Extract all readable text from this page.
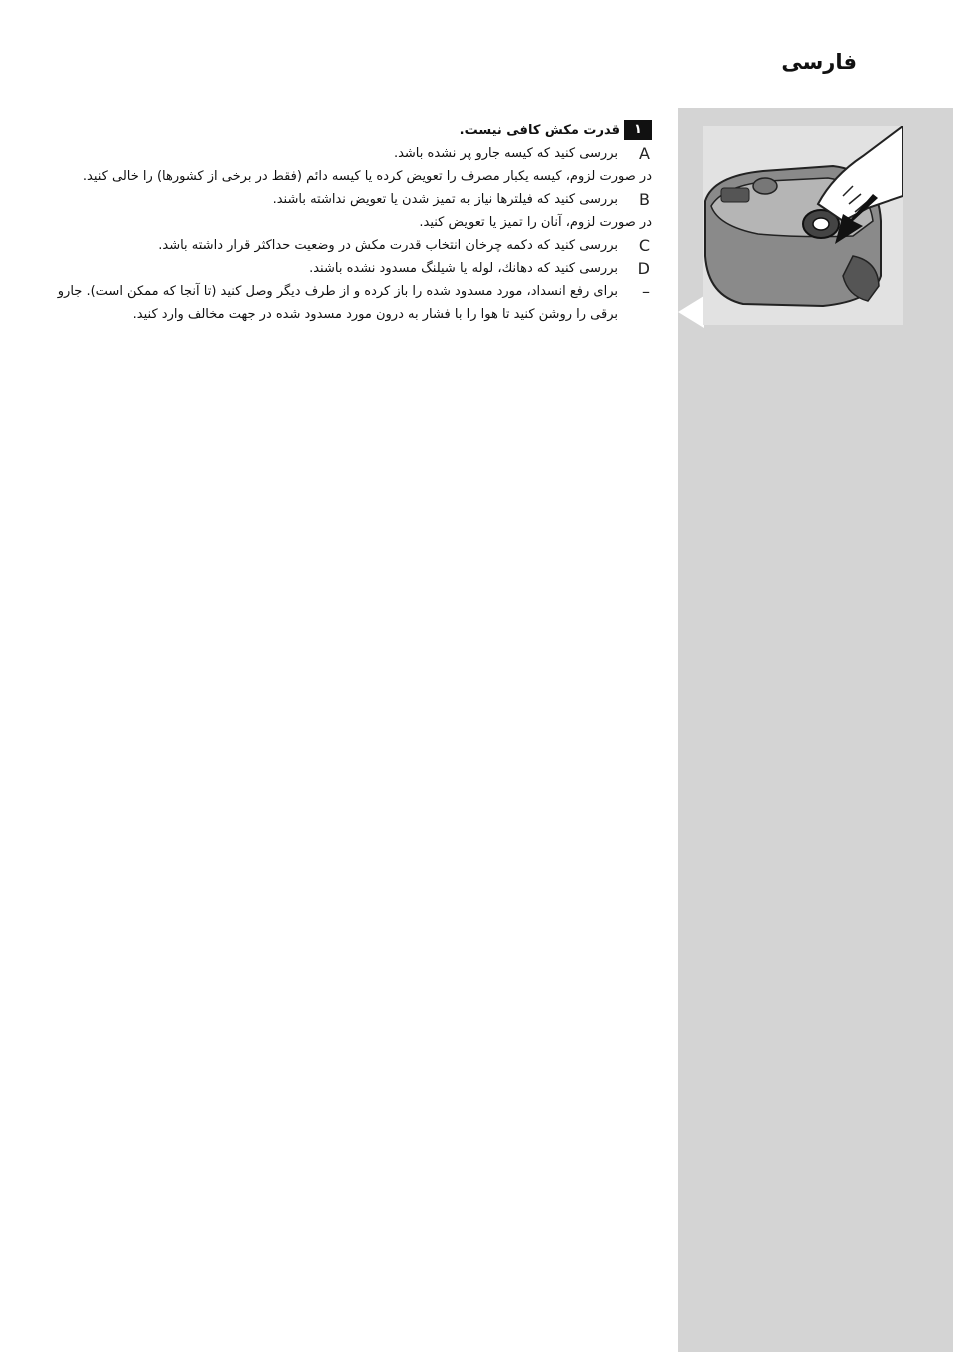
فارسی
١
قدرت مکش کافی نیست.
A
بررسی کنید که کیسه جارو پر نشده باشد.
در صورت لزوم، کیسه یکبار مصرف را تعویض کرده یا کیسه دائم (فقط در برخی از کشورها) را خالی کنید.
B
بررسی کنید که فیلترها نیاز به تمیز شدن یا تعویض نداشته باشند.
در صورت لزوم، آنان را تمیز یا تعویض کنید.
C
بررسی کنید که دکمه چرخان انتخاب قدرت مکش در وضعیت حداکثر قرار داشته باشد.
D
بررسی کنید که دهانك، لوله یا شیلنگ مسدود نشده باشند.
–
برای رفع انسداد، مورد مسدود شده را باز کرده و از طرف دیگر وصل کنید (تا آنجا که ممکن است). جارو برقی را روشن کنید تا هوا را با فشار به درون مورد مسدود شده در جهت مخالف وارد کنید.
